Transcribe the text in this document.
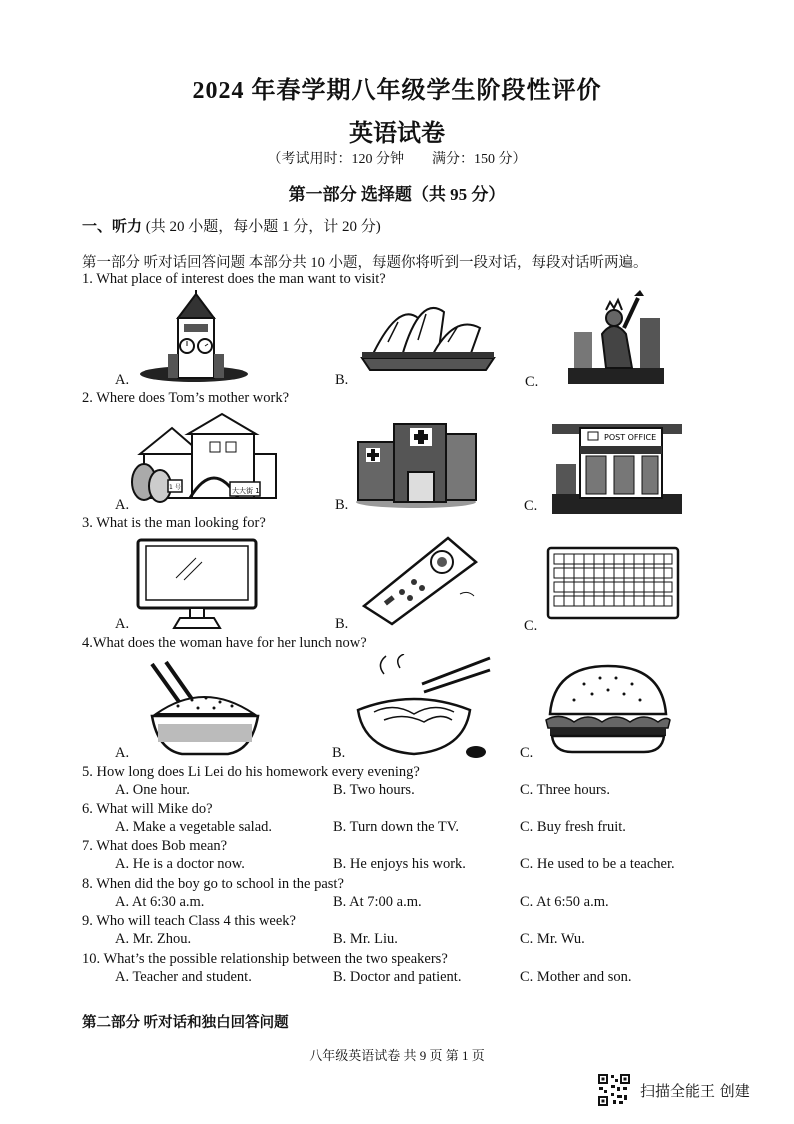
2024 年春学期八年级学生阶段性评价
英语试卷
（考试用时：120 分钟　　满分：150 分）
第一部分 选择题（共 95 分）
一、听力 (共 20 小题，每小题 1 分，计 20 分)
第一部分 听对话回答问题 本部分共 10 小题，每题你将听到一段对话，每段对话听两遍。
1. What place of interest does the man want to visit?
A.	B.	C.
2. Where does Tom’s mother work?
A.	B.	C.
大大街 1
1 号
POST OFFICE
3. What is the man looking for?
A.	B.	C.
4.What does the woman have for her lunch now?
A.	B.	C.
5. How long does Li Lei do his homework every evening?
A. One hour.	B. Two hours.	C. Three hours.
6. What will Mike do?
A. Make a vegetable salad.	B. Turn down the TV.	C. Buy fresh fruit.
7. What does Bob mean?
A. He is a doctor now.	B. He enjoys his work.	C. He used to be a teacher.
8. When did the boy go to school in the past?
A. At 6:30 a.m.	B. At 7:00 a.m.	C. At 6:50 a.m.
9. Who will teach Class 4 this week?
A. Mr. Zhou.	B. Mr. Liu.	C. Mr. Wu.
10. What’s the possible relationship between the two speakers?
A. Teacher and student.	B. Doctor and patient.	C. Mother and son.
第二部分 听对话和独白回答问题
八年级英语试卷 共 9 页 第 1 页
扫描全能王 创建
